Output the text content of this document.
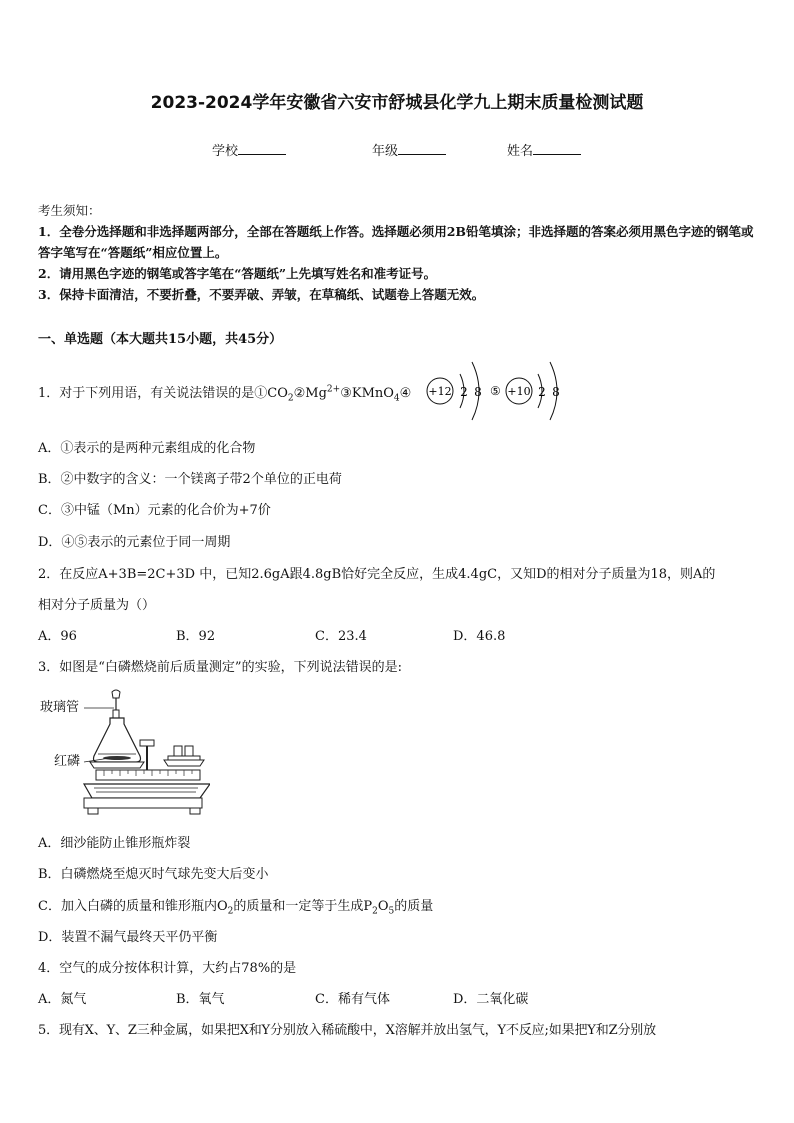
2023-2024学年安徽省六安市舒城县化学九上期末质量检测试题
学校	年级	姓名
考生须知：
1．全卷分选择题和非选择题两部分，全部在答题纸上作答。选择题必须用2B铅笔填涂；非选择题的答案必须用黑色字迹的钢笔或答字笔写在“答题纸”相应位置上。
2．请用黑色字迹的钢笔或答字笔在“答题纸”上先填写姓名和准考证号。
3．保持卡面清洁，不要折叠，不要弄破、弄皱，在草稿纸、试题卷上答题无效。
一、单选题（本大题共15小题，共45分）
1．对于下列用语，有关说法错误的是$①CO_2②Mg^{2+}③KMnO_4④ +12$ 2 8 ⑤ +10 2 8
A．①表示的是两种元素组成的化合物
B．②中数字的含义：一个镁离子带2个单位的正电荷
C．③中锰（Mn）元素的化合价为+7价
D．④⑤表示的元素位于同一周期
2．在反应A+3B=2C+3D 中，已知2.6gA跟4.8gB恰好完全反应，生成4.4gC，又知D的相对分子质量为18，则A的
相对分子质量为（）
A．96	B．92	C．23.4	D．46.8
3．如图是“白磷燃烧前后质量测定”的实验，下列说法错误的是:
玻璃管
红磷
A．细沙能防止锥形瓶炸裂
B．白磷燃烧至熄灭时气球先变大后变小
C．加入白磷的质量和锥形瓶内$O_2$的质量和一定等于生成$P_2O_5$的质量
D．装置不漏气最终天平仍平衡
4．空气的成分按体积计算，大约占78%的是
A．氮气	B．氧气	C．稀有气体	D．二氧化碳
5．现有X、Y、Z三种金属，如果把X和Y分别放入稀硫酸中，X溶解并放出氢气，Y不反应;如果把Y和Z分别放
